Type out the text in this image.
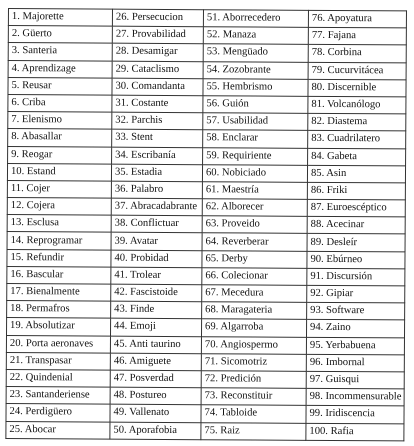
1. Majorette	26. Persecucion	51. Aborrecedero	76. Apoyatura
2. Güerto	27. Provabilidad	52. Manaza	77. Fajana
3. Santeria	28. Desamigar	53. Mengüado	78. Corbina
4. Aprendizage	29. Cataclismo	54. Zozobrante	79. Cucurvitácea
5. Reusar	30. Comandanta	55. Hembrismo	80. Discernible
6. Criba	31. Costante	56. Guión	81. Volcanólogo
7. Elenismo	32. Parchis	57. Usabilidad	82. Diastema
8. Abasallar	33. Stent	58. Enclarar	83. Cuadrilatero
9. Reogar	34. Escribanía	59. Requiriente	84. Gabeta
10. Estand	35. Estadia	60. Nobiciado	85. Asin
11. Cojer	36. Palabro	61. Maestría	86. Friki
12. Cojera	37. Abracadabrante	62. Alborecer	87. Euroescéptico
13. Esclusa	38. Conflictuar	63. Proveido	88. Acecinar
14. Reprogramar	39. Avatar	64. Reverberar	89. Desleír
15. Refundir	40. Probidad	65. Derby	90. Ebúrneo
16. Bascular	41. Trolear	66. Colecionar	91. Discursión
17. Bienalmente	42. Fascistoide	67. Mecedura	92. Gipiar
18. Permafros	43. Finde	68. Maragateria	93. Software
19. Absolutizar	44. Emoji	69. Algarroba	94. Zaino
20. Porta aeronaves	45. Anti taurino	70. Angiospermo	95. Yerbabuena
21. Transpasar	46. Amiguete	71. Sicomotriz	96. Imbornal
22. Quindenial	47. Posverdad	72. Predición	97. Guisqui
23. Santanderiense	48. Postureo	73. Reconstituir	98. Incommensurable
24. Perdigüero	49. Vallenato	74. Tabloide	99. Iridiscencia
25. Abocar	50. Aporafobia	75. Raiz	100. Rafia
